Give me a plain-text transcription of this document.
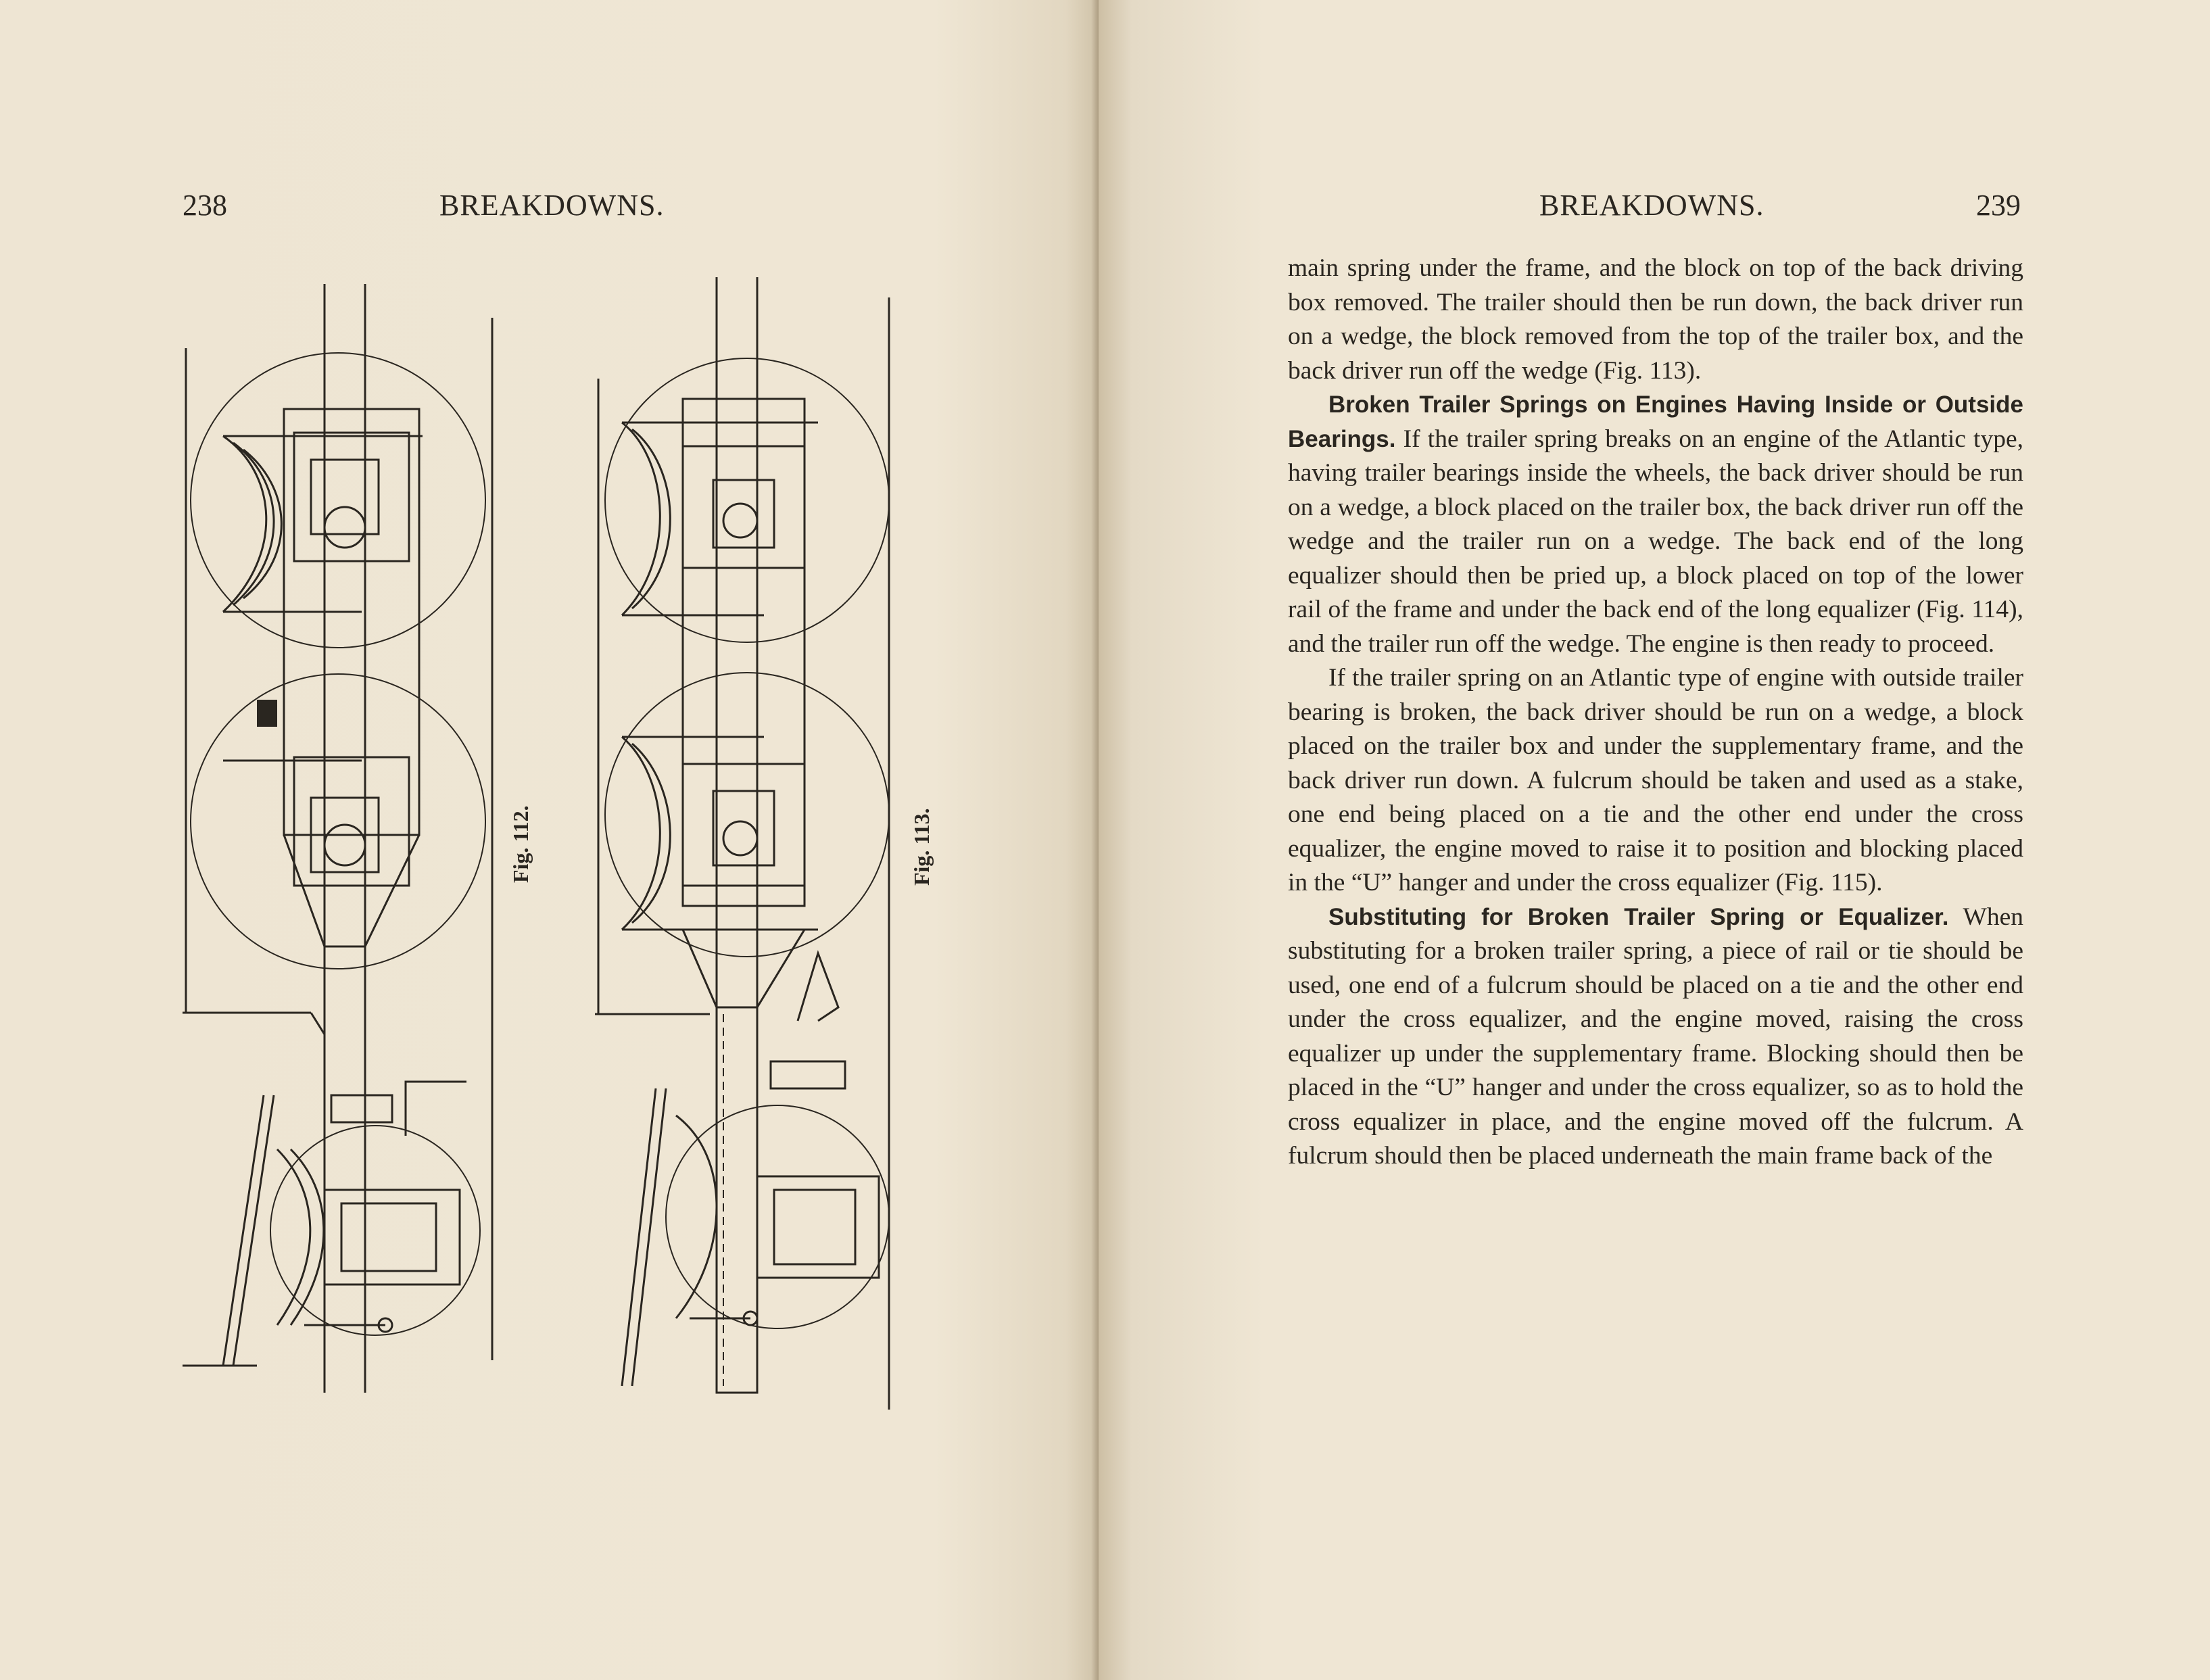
238	BREAKDOWNS.
Fig. 112.	Fig. 113.
BREAKDOWNS.	239

main spring under the frame, and the block on top of the back driving box removed. The trailer should then be run down, the back driver run on a wedge, the block removed from the top of the trailer box, and the back driver run off the wedge (Fig. 113).

Broken Trailer Springs on Engines Having Inside or Outside Bearings. If the trailer spring breaks on an engine of the Atlantic type, having trailer bearings inside the wheels, the back driver should be run on a wedge, a block placed on the trailer box, the back driver run off the wedge and the trailer run on a wedge. The back end of the long equalizer should then be pried up, a block placed on top of the lower rail of the frame and under the back end of the long equalizer (Fig. 114), and the trailer run off the wedge. The engine is then ready to proceed.

If the trailer spring on an Atlantic type of engine with outside trailer bearing is broken, the back driver should be run on a wedge, a block placed on the trailer box and under the supplementary frame, and the back driver run down. A fulcrum should be taken and used as a stake, one end being placed on a tie and the other end under the cross equalizer, the engine moved to raise it to position and blocking placed in the “U” hanger and under the cross equalizer (Fig. 115).

Substituting for Broken Trailer Spring or Equalizer. When substituting for a broken trailer spring, a piece of rail or tie should be used, one end of a fulcrum should be placed on a tie and the other end under the cross equalizer, and the engine moved, raising the cross equalizer up under the supplementary frame. Blocking should then be placed in the “U” hanger and under the cross equalizer, so as to hold the cross equalizer in place, and the engine moved off the fulcrum. A fulcrum should then be placed underneath the main frame back of the
